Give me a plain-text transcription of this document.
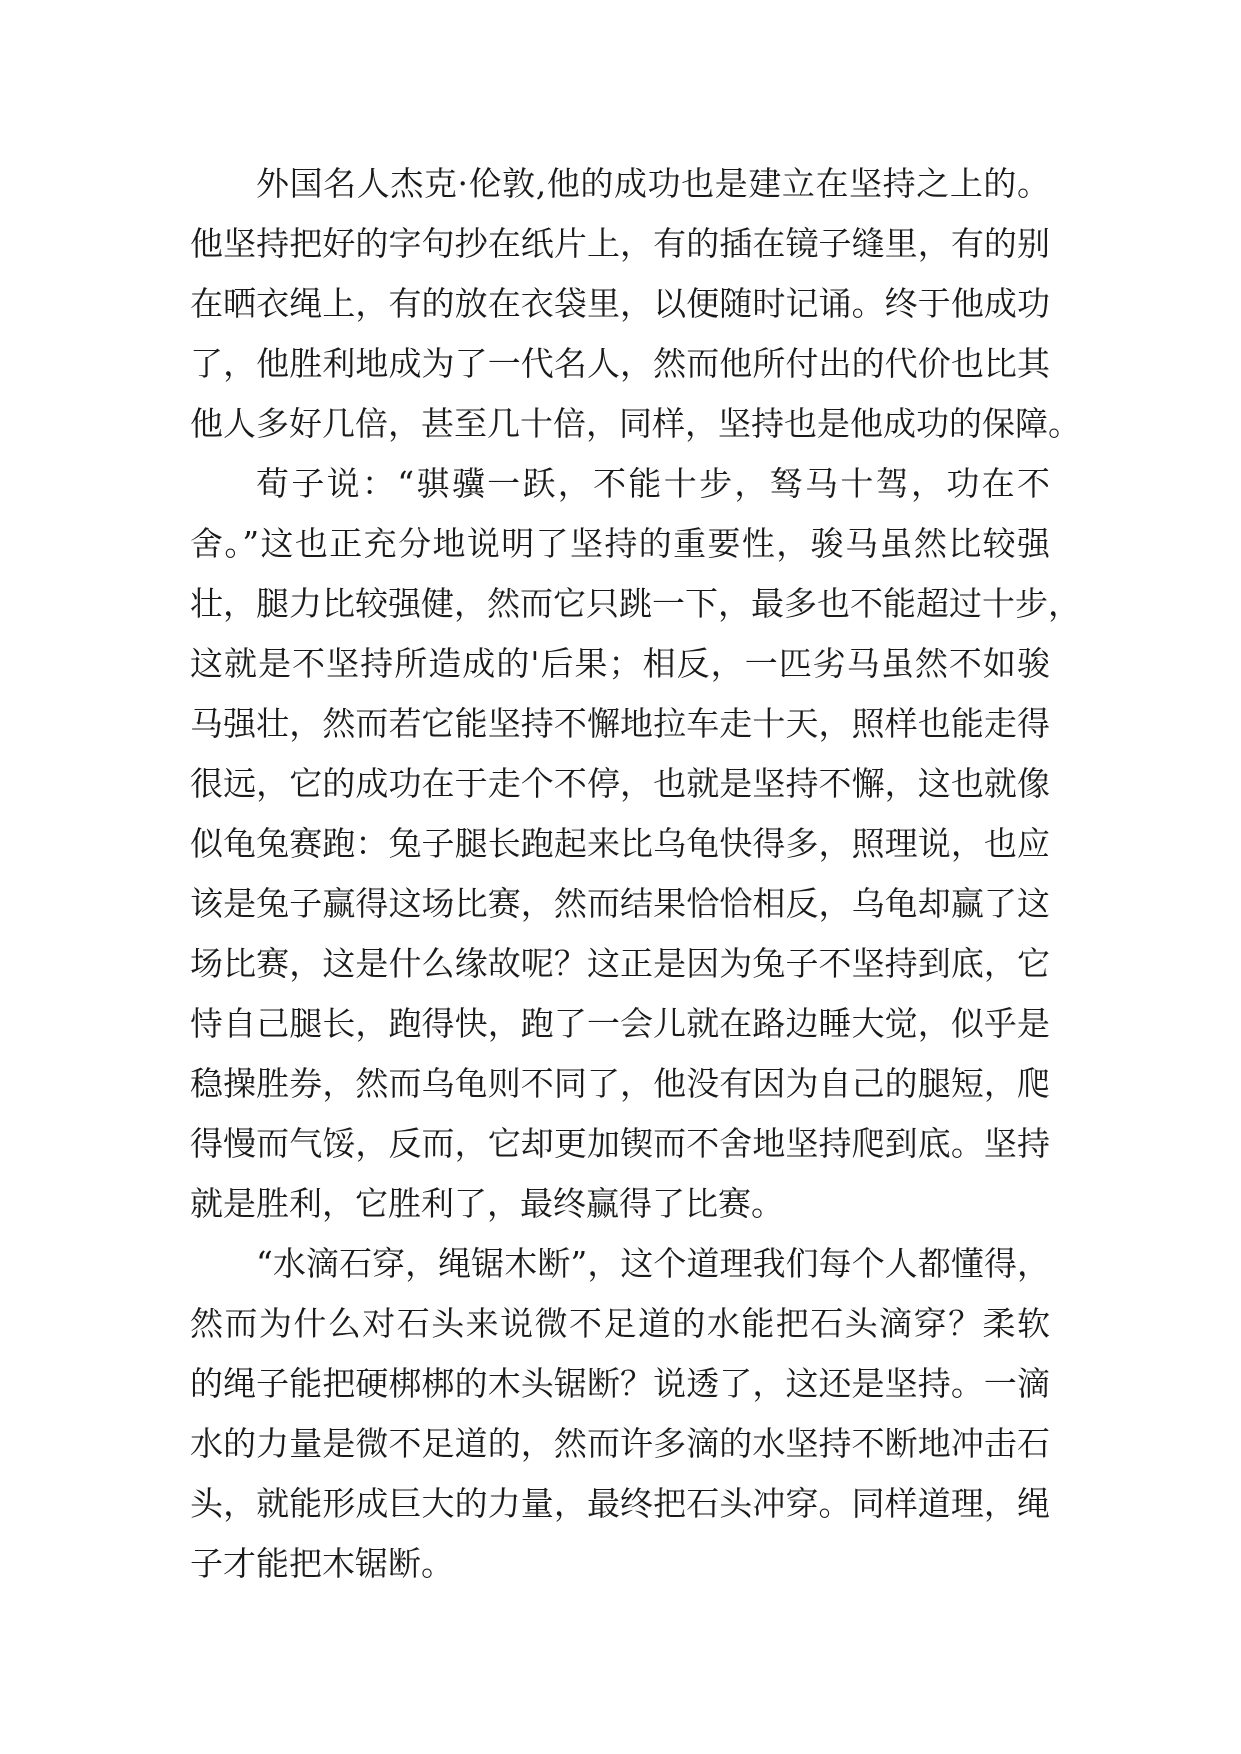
外国名人杰克·伦敦,他的成功也是建立在坚持之上的。
他坚持把好的字句抄在纸片上，有的插在镜子缝里，有的别
在晒衣绳上，有的放在衣袋里，以便随时记诵。终于他成功
了，他胜利地成为了一代名人，然而他所付出的代价也比其
他人多好几倍，甚至几十倍，同样，坚持也是他成功的保障。
荀子说：“骐骥一跃，不能十步，驽马十驾，功在不
舍。”这也正充分地说明了坚持的重要性，骏马虽然比较强
壮，腿力比较强健，然而它只跳一下，最多也不能超过十步，
这就是不坚持所造成的'后果；相反，一匹劣马虽然不如骏
马强壮，然而若它能坚持不懈地拉车走十天，照样也能走得
很远，它的成功在于走个不停，也就是坚持不懈，这也就像
似龟兔赛跑：兔子腿长跑起来比乌龟快得多，照理说，也应
该是兔子赢得这场比赛，然而结果恰恰相反，乌龟却赢了这
场比赛，这是什么缘故呢？这正是因为兔子不坚持到底，它
恃自己腿长，跑得快，跑了一会儿就在路边睡大觉，似乎是
稳操胜券，然而乌龟则不同了，他没有因为自己的腿短，爬
得慢而气馁，反而，它却更加锲而不舍地坚持爬到底。坚持
就是胜利，它胜利了，最终赢得了比赛。
“水滴石穿，绳锯木断”，这个道理我们每个人都懂得，
然而为什么对石头来说微不足道的水能把石头滴穿？柔软
的绳子能把硬梆梆的木头锯断？说透了，这还是坚持。一滴
水的力量是微不足道的，然而许多滴的水坚持不断地冲击石
头，就能形成巨大的力量，最终把石头冲穿。同样道理，绳
子才能把木锯断。
